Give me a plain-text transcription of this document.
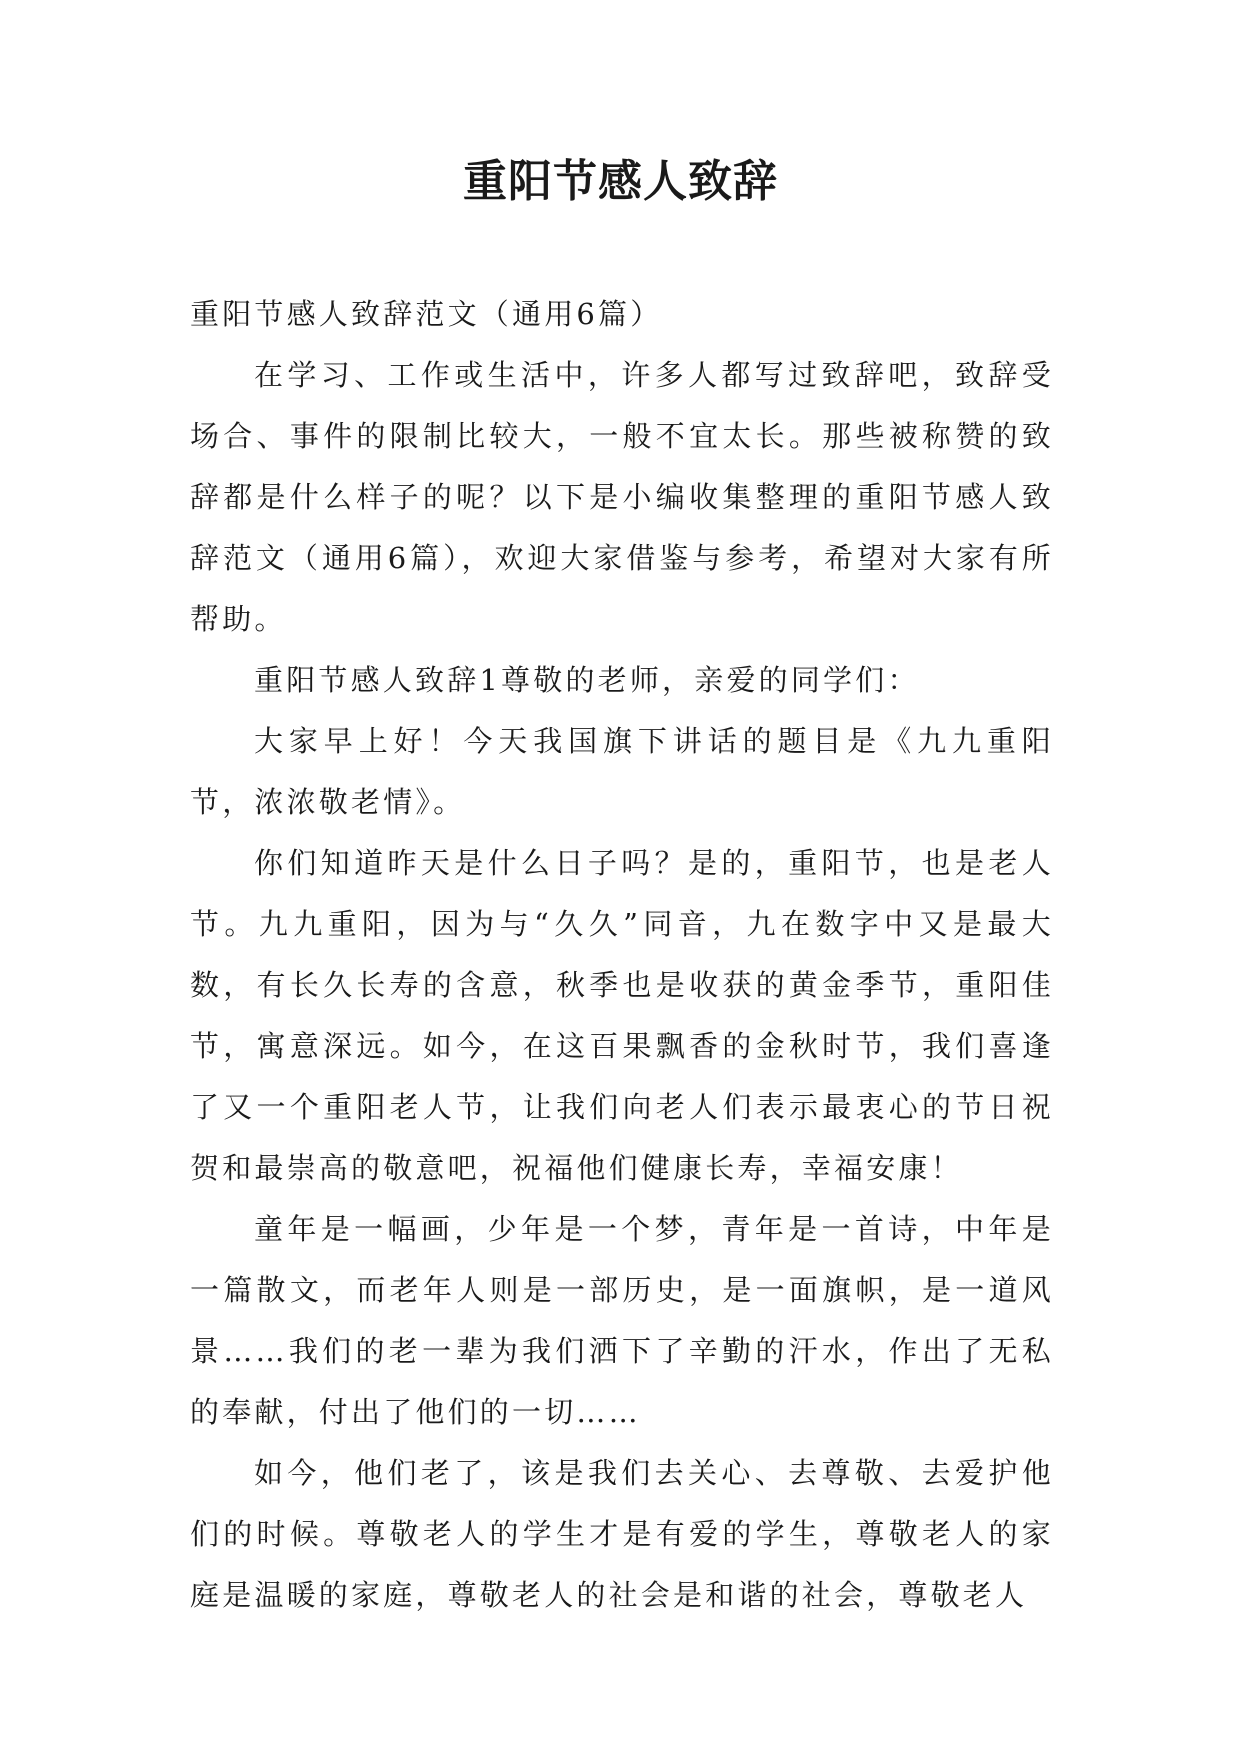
重阳节感人致辞

重阳节感人致辞范文（通用6篇）

在学习、工作或生活中，许多人都写过致辞吧，致辞受场合、事件的限制比较大，一般不宜太长。那些被称赞的致辞都是什么样子的呢？以下是小编收集整理的重阳节感人致辞范文（通用6篇），欢迎大家借鉴与参考，希望对大家有所帮助。

重阳节感人致辞1尊敬的老师，亲爱的同学们：

大家早上好！今天我国旗下讲话的题目是《九九重阳节，浓浓敬老情》。

你们知道昨天是什么日子吗？是的，重阳节，也是老人节。九九重阳，因为与“久久”同音，九在数字中又是最大数，有长久长寿的含意，秋季也是收获的黄金季节，重阳佳节，寓意深远。如今，在这百果飘香的金秋时节，我们喜逢了又一个重阳老人节，让我们向老人们表示最衷心的节日祝贺和最崇高的敬意吧，祝福他们健康长寿，幸福安康！

童年是一幅画，少年是一个梦，青年是一首诗，中年是一篇散文，而老年人则是一部历史，是一面旗帜，是一道风景……我们的老一辈为我们洒下了辛勤的汗水，作出了无私的奉献，付出了他们的一切……

如今，他们老了，该是我们去关心、去尊敬、去爱护他们的时候。尊敬老人的学生才是有爱的学生，尊敬老人的家庭是温暖的家庭，尊敬老人的社会是和谐的社会，尊敬老人
